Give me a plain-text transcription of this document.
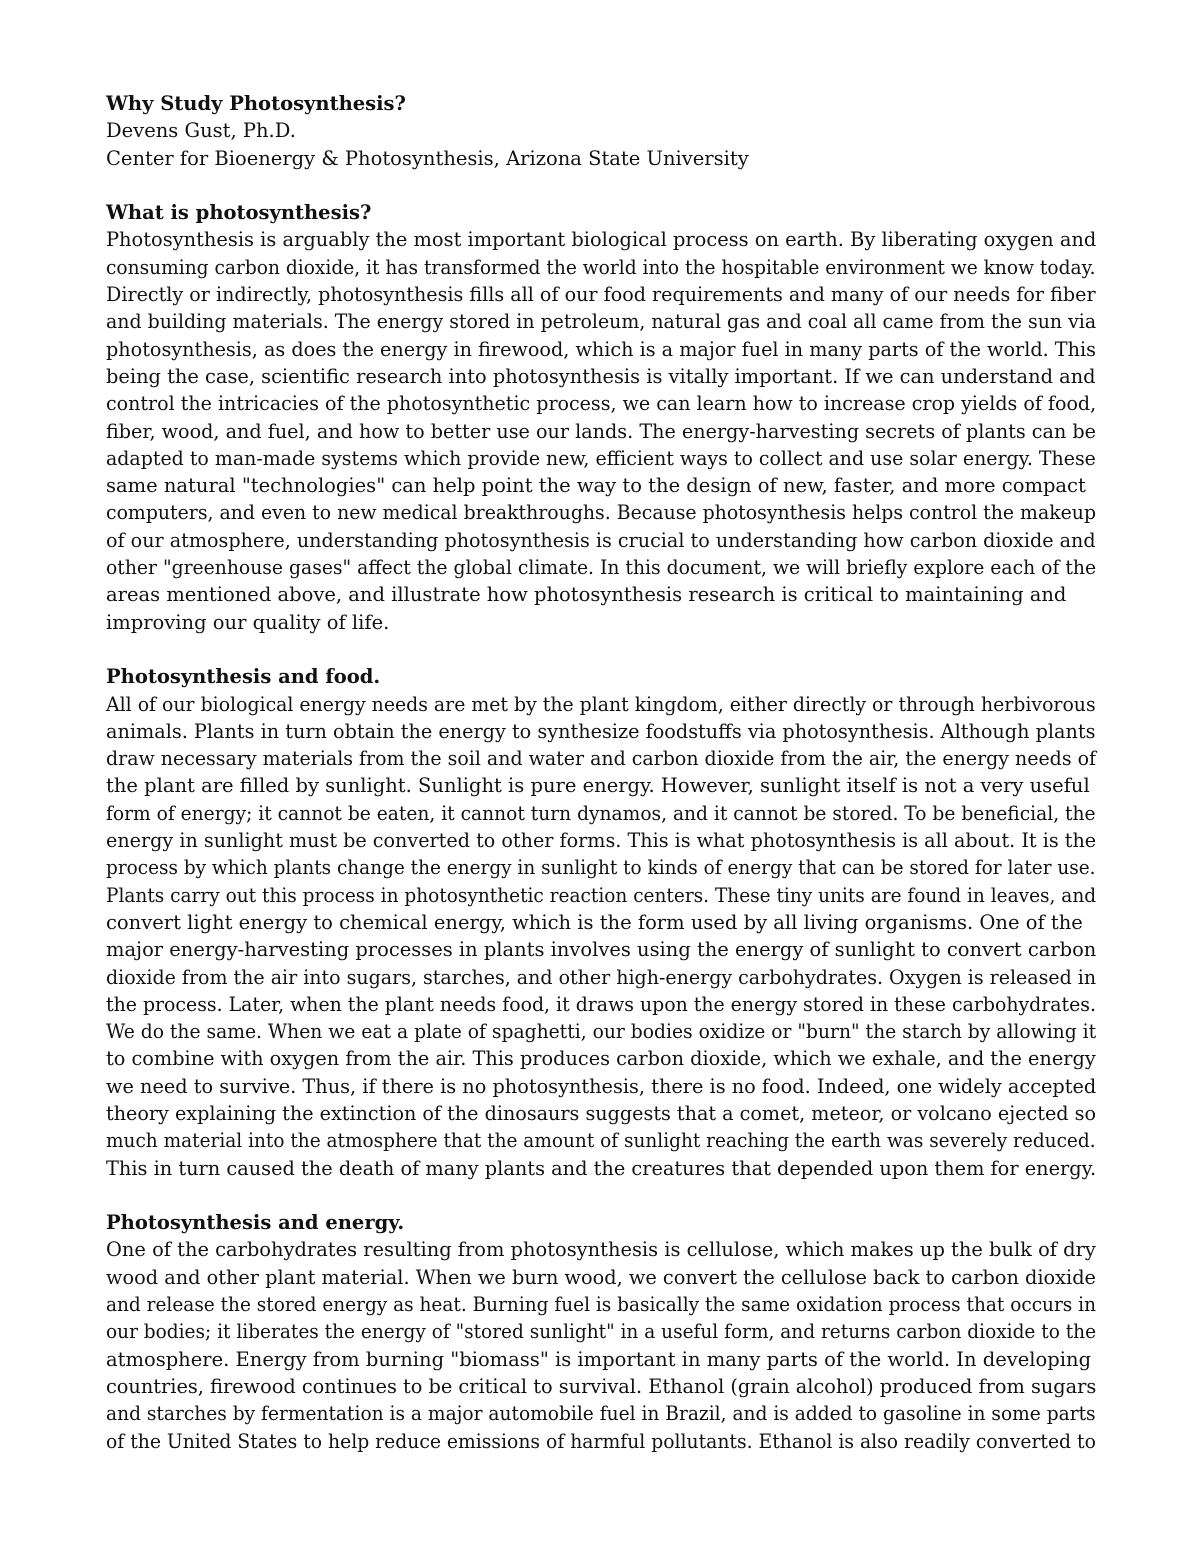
Why Study Photosynthesis?
Devens Gust, Ph.D.
Center for Bioenergy & Photosynthesis, Arizona State University
What is photosynthesis?
Photosynthesis is arguably the most important biological process on earth. By liberating oxygen and
consuming carbon dioxide, it has transformed the world into the hospitable environment we know today.
Directly or indirectly, photosynthesis fills all of our food requirements and many of our needs for fiber
and building materials. The energy stored in petroleum, natural gas and coal all came from the sun via
photosynthesis, as does the energy in firewood, which is a major fuel in many parts of the world. This
being the case, scientific research into photosynthesis is vitally important. If we can understand and
control the intricacies of the photosynthetic process, we can learn how to increase crop yields of food,
fiber, wood, and fuel, and how to better use our lands. The energy-harvesting secrets of plants can be
adapted to man-made systems which provide new, efficient ways to collect and use solar energy. These
same natural "technologies" can help point the way to the design of new, faster, and more compact
computers, and even to new medical breakthroughs. Because photosynthesis helps control the makeup
of our atmosphere, understanding photosynthesis is crucial to understanding how carbon dioxide and
other "greenhouse gases" affect the global climate. In this document, we will briefly explore each of the
areas mentioned above, and illustrate how photosynthesis research is critical to maintaining and
improving our quality of life.
Photosynthesis and food.
All of our biological energy needs are met by the plant kingdom, either directly or through herbivorous
animals. Plants in turn obtain the energy to synthesize foodstuffs via photosynthesis. Although plants
draw necessary materials from the soil and water and carbon dioxide from the air, the energy needs of
the plant are filled by sunlight. Sunlight is pure energy. However, sunlight itself is not a very useful
form of energy; it cannot be eaten, it cannot turn dynamos, and it cannot be stored. To be beneficial, the
energy in sunlight must be converted to other forms. This is what photosynthesis is all about. It is the
process by which plants change the energy in sunlight to kinds of energy that can be stored for later use.
Plants carry out this process in photosynthetic reaction centers. These tiny units are found in leaves, and
convert light energy to chemical energy, which is the form used by all living organisms. One of the
major energy-harvesting processes in plants involves using the energy of sunlight to convert carbon
dioxide from the air into sugars, starches, and other high-energy carbohydrates. Oxygen is released in
the process. Later, when the plant needs food, it draws upon the energy stored in these carbohydrates.
We do the same. When we eat a plate of spaghetti, our bodies oxidize or "burn" the starch by allowing it
to combine with oxygen from the air. This produces carbon dioxide, which we exhale, and the energy
we need to survive. Thus, if there is no photosynthesis, there is no food. Indeed, one widely accepted
theory explaining the extinction of the dinosaurs suggests that a comet, meteor, or volcano ejected so
much material into the atmosphere that the amount of sunlight reaching the earth was severely reduced.
This in turn caused the death of many plants and the creatures that depended upon them for energy.
Photosynthesis and energy.
One of the carbohydrates resulting from photosynthesis is cellulose, which makes up the bulk of dry
wood and other plant material. When we burn wood, we convert the cellulose back to carbon dioxide
and release the stored energy as heat. Burning fuel is basically the same oxidation process that occurs in
our bodies; it liberates the energy of "stored sunlight" in a useful form, and returns carbon dioxide to the
atmosphere. Energy from burning "biomass" is important in many parts of the world. In developing
countries, firewood continues to be critical to survival. Ethanol (grain alcohol) produced from sugars
and starches by fermentation is a major automobile fuel in Brazil, and is added to gasoline in some parts
of the United States to help reduce emissions of harmful pollutants. Ethanol is also readily converted to
